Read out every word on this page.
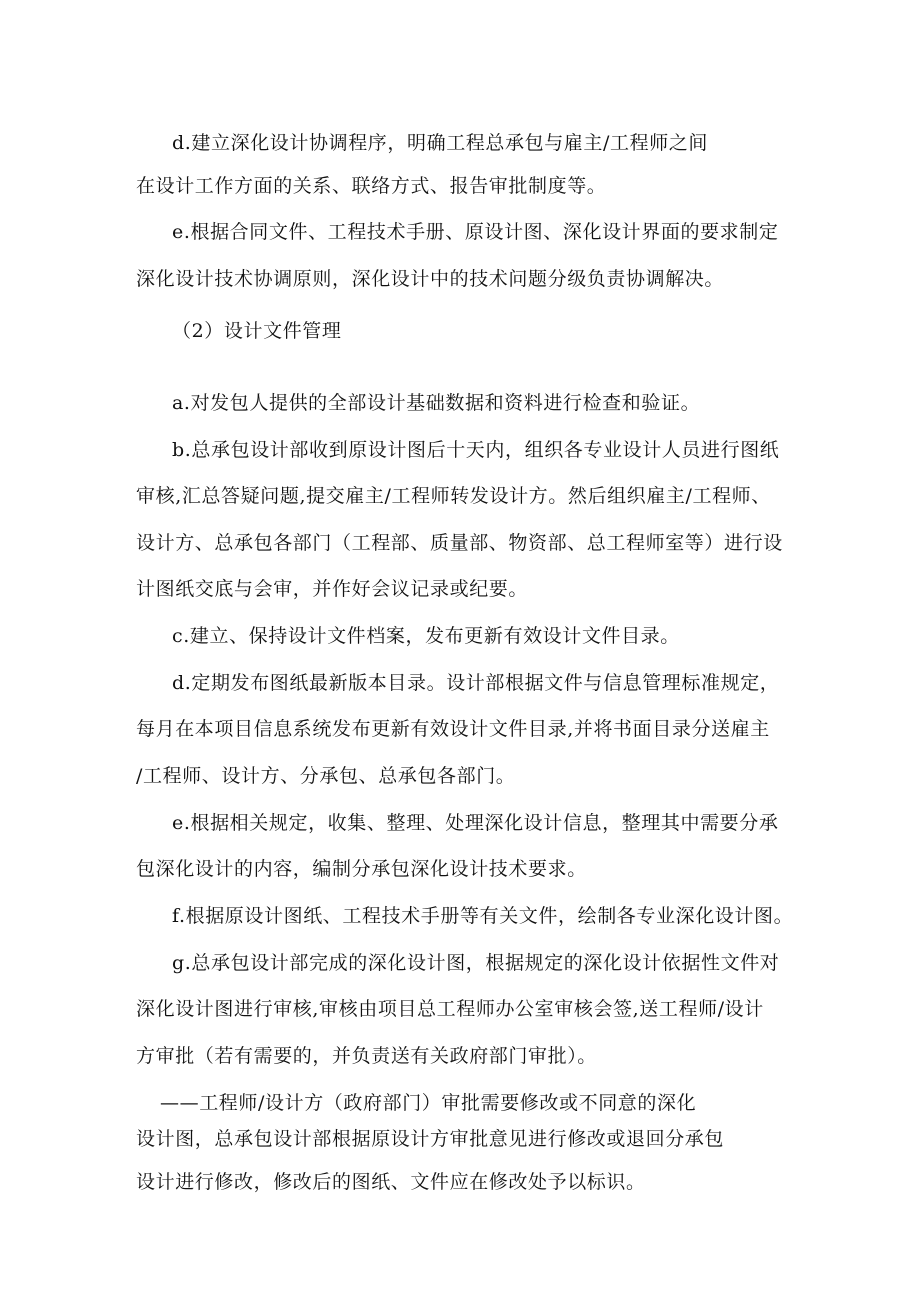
d.建立深化设计协调程序，明确工程总承包与雇主/工程师之间
在设计工作方面的关系、联络方式、报告审批制度等。
e.根据合同文件、工程技术手册、原设计图、深化设计界面的要求制定
深化设计技术协调原则，深化设计中的技术问题分级负责协调解决。
（2）设计文件管理
a.对发包人提供的全部设计基础数据和资料进行检查和验证。
b.总承包设计部收到原设计图后十天内，组织各专业设计人员进行图纸
审核,汇总答疑问题,提交雇主/工程师转发设计方。然后组织雇主/工程师、
设计方、总承包各部门（工程部、质量部、物资部、总工程师室等）进行设
计图纸交底与会审，并作好会议记录或纪要。
c.建立、保持设计文件档案，发布更新有效设计文件目录。
d.定期发布图纸最新版本目录。设计部根据文件与信息管理标准规定，
每月在本项目信息系统发布更新有效设计文件目录,并将书面目录分送雇主
/工程师、设计方、分承包、总承包各部门。
e.根据相关规定，收集、整理、处理深化设计信息，整理其中需要分承
包深化设计的内容，编制分承包深化设计技术要求。
f.根据原设计图纸、工程技术手册等有关文件，绘制各专业深化设计图。
g.总承包设计部完成的深化设计图，根据规定的深化设计依据性文件对
深化设计图进行审核,审核由项目总工程师办公室审核会签,送工程师/设计
方审批（若有需要的，并负责送有关政府部门审批）。
——工程师/设计方（政府部门）审批需要修改或不同意的深化
设计图，总承包设计部根据原设计方审批意见进行修改或退回分承包
设计进行修改，修改后的图纸、文件应在修改处予以标识。
